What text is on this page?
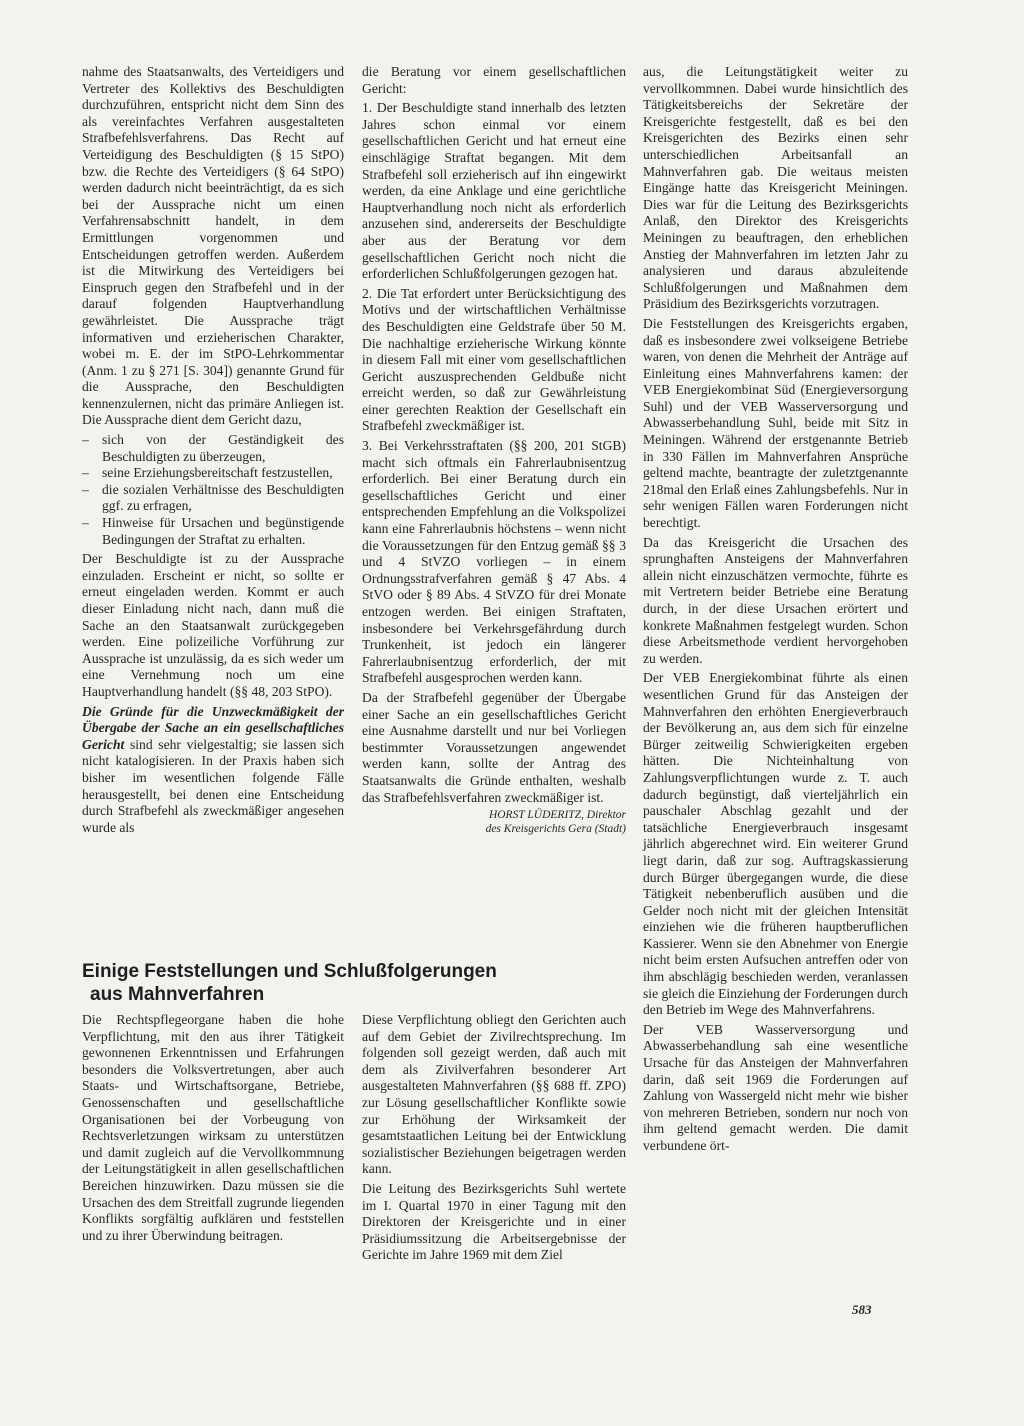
nahme des Staatsanwalts, des Verteidigers und Vertreter des Kollektivs des Beschuldigten durchzuführen, entspricht nicht dem Sinn des als vereinfachtes Verfahren ausgestalteten Strafbefehlsverfahrens. Das Recht auf Verteidigung des Beschuldigten (§ 15 StPO) bzw. die Rechte des Verteidigers (§ 64 StPO) werden dadurch nicht beeinträchtigt, da es sich bei der Aussprache nicht um einen Verfahrensabschnitt handelt, in dem Ermittlungen vorgenommen und Entscheidungen getroffen werden. Außerdem ist die Mitwirkung des Verteidigers bei Einspruch gegen den Strafbefehl und in der darauf folgenden Hauptverhandlung gewährleistet. Die Aussprache trägt informativen und erzieherischen Charakter, wobei m. E. der im StPO-Lehrkommentar (Anm. 1 zu § 271 [S. 304]) genannte Grund für die Aussprache, den Beschuldigten kennenzulernen, nicht das primäre Anliegen ist. Die Aussprache dient dem Gericht dazu,

– sich von der Geständigkeit des Beschuldigten zu überzeugen,
– seine Erziehungsbereitschaft festzustellen,
– die sozialen Verhältnisse des Beschuldigten ggf. zu erfragen,
– Hinweise für Ursachen und begünstigende Bedingungen der Straftat zu erhalten.

Der Beschuldigte ist zu der Aussprache einzuladen. Erscheint er nicht, so sollte er erneut eingeladen werden. Kommt er auch dieser Einladung nicht nach, dann muß die Sache an den Staatsanwalt zurückgegeben werden. Eine polizeiliche Vorführung zur Aussprache ist unzulässig, da es sich weder um eine Vernehmung noch um eine Hauptverhandlung handelt (§§ 48, 203 StPO).

Die Gründe für die Unzweckmäßigkeit der Übergabe der Sache an ein gesellschaftliches Gericht sind sehr vielgestaltig; sie lassen sich nicht katalogisieren. In der Praxis haben sich bisher im wesentlichen folgende Fälle herausgestellt, bei denen eine Entscheidung durch Strafbefehl als zweckmäßiger angesehen wurde als

die Beratung vor einem gesellschaftlichen Gericht:

1. Der Beschuldigte stand innerhalb des letzten Jahres schon einmal vor einem gesellschaftlichen Gericht und hat erneut eine einschlägige Straftat begangen. Mit dem Strafbefehl soll erzieherisch auf ihn eingewirkt werden, da eine Anklage und eine gerichtliche Hauptverhandlung noch nicht als erforderlich anzusehen sind, andererseits der Beschuldigte aber aus der Beratung vor dem gesellschaftlichen Gericht noch nicht die erforderlichen Schlußfolgerungen gezogen hat.

2. Die Tat erfordert unter Berücksichtigung des Motivs und der wirtschaftlichen Verhältnisse des Beschuldigten eine Geldstrafe über 50 M. Die nachhaltige erzieherische Wirkung könnte in diesem Fall mit einer vom gesellschaftlichen Gericht auszusprechenden Geldbuße nicht erreicht werden, so daß zur Gewährleistung einer gerechten Reaktion der Gesellschaft ein Strafbefehl zweckmäßiger ist.

3. Bei Verkehrsstraftaten (§§ 200, 201 StGB) macht sich oftmals ein Fahrerlaubnisentzug erforderlich. Bei einer Beratung durch ein gesellschaftliches Gericht und einer entsprechenden Empfehlung an die Volkspolizei kann eine Fahrerlaubnis höchstens – wenn nicht die Voraussetzungen für den Entzug gemäß §§ 3 und 4 StVZO vorliegen – in einem Ordnungsstrafverfahren gemäß § 47 Abs. 4 StVO oder § 89 Abs. 4 StVZO für drei Monate entzogen werden. Bei einigen Straftaten, insbesondere bei Verkehrsgefährdung durch Trunkenheit, ist jedoch ein längerer Fahrerlaubnisentzug erforderlich, der mit Strafbefehl ausgesprochen werden kann.

Da der Strafbefehl gegenüber der Übergabe einer Sache an ein gesellschaftliches Gericht eine Ausnahme darstellt und nur bei Vorliegen bestimmter Voraussetzungen angewendet werden kann, sollte der Antrag des Staatsanwalts die Gründe enthalten, weshalb das Strafbefehlsverfahren zweckmäßiger ist.

HORST LÜDERITZ, Direktor
des Kreisgerichts Gera (Stadt)

aus, die Leitungstätigkeit weiter zu vervollkommnen. Dabei wurde hinsichtlich des Tätigkeitsbereichs der Sekretäre der Kreisgerichte festgestellt, daß es bei den Kreisgerichten des Bezirks einen sehr unterschiedlichen Arbeitsanfall an Mahnverfahren gab. Die weitaus meisten Eingänge hatte das Kreisgericht Meiningen. Dies war für die Leitung des Bezirksgerichts Anlaß, den Direktor des Kreisgerichts Meiningen zu beauftragen, den erheblichen Anstieg der Mahnverfahren im letzten Jahr zu analysieren und daraus abzuleitende Schlußfolgerungen und Maßnahmen dem Präsidium des Bezirksgerichts vorzutragen.

Die Feststellungen des Kreisgerichts ergaben, daß es insbesondere zwei volkseigene Betriebe waren, von denen die Mehrheit der Anträge auf Einleitung eines Mahnverfahrens kamen: der VEB Energiekombinat Süd (Energieversorgung Suhl) und der VEB Wasserversorgung und Abwasserbehandlung Suhl, beide mit Sitz in Meiningen. Während der erstgenannte Betrieb in 330 Fällen im Mahnverfahren Ansprüche geltend machte, beantragte der zuletztgenannte 218mal den Erlaß eines Zahlungsbefehls. Nur in sehr wenigen Fällen waren Forderungen nicht berechtigt.

Da das Kreisgericht die Ursachen des sprunghaften Ansteigens der Mahnverfahren allein nicht einzuschätzen vermochte, führte es mit Vertretern beider Betriebe eine Beratung durch, in der diese Ursachen erörtert und konkrete Maßnahmen festgelegt wurden. Schon diese Arbeitsmethode verdient hervorgehoben zu werden.

Der VEB Energiekombinat führte als einen wesentlichen Grund für das Ansteigen der Mahnverfahren den erhöhten Energieverbrauch der Bevölkerung an, aus dem sich für einzelne Bürger zeitweilig Schwierigkeiten ergeben hätten. Die Nichteinhaltung von Zahlungsverpflichtungen wurde z. T. auch dadurch begünstigt, daß vierteljährlich ein pauschaler Abschlag gezahlt und der tatsächliche Energieverbrauch insgesamt jährlich abgerechnet wird. Ein weiterer Grund liegt darin, daß zur sog. Auftragskassierung durch Bürger übergegangen wurde, die diese Tätigkeit nebenberuflich ausüben und die Gelder noch nicht mit der gleichen Intensität einziehen wie die früheren hauptberuflichen Kassierer. Wenn sie den Abnehmer von Energie nicht beim ersten Aufsuchen antreffen oder von ihm abschlägig beschieden werden, veranlassen sie gleich die Einziehung der Forderungen durch den Betrieb im Wege des Mahnverfahrens.

Der VEB Wasserversorgung und Abwasserbehandlung sah eine wesentliche Ursache für das Ansteigen der Mahnverfahren darin, daß seit 1969 die Forderungen auf Zahlung von Wassergeld nicht mehr wie bisher von mehreren Betrieben, sondern nur noch von ihm geltend gemacht werden. Die damit verbundene ört-

Einige Feststellungen und Schlußfolgerungen
aus Mahnverfahren

Die Rechtspflegeorgane haben die hohe Verpflichtung, mit den aus ihrer Tätigkeit gewonnenen Erkenntnissen und Erfahrungen besonders die Volksvertretungen, aber auch Staats- und Wirtschaftsorgane, Betriebe, Genossenschaften und gesellschaftliche Organisationen bei der Vorbeugung von Rechtsverletzungen wirksam zu unterstützen und damit zugleich auf die Vervollkommnung der Leitungstätigkeit in allen gesellschaftlichen Bereichen hinzuwirken. Dazu müssen sie die Ursachen des dem Streitfall zugrunde liegenden Konflikts sorgfältig aufklären und feststellen und zu ihrer Überwindung beitragen.

Diese Verpflichtung obliegt den Gerichten auch auf dem Gebiet der Zivilrechtsprechung. Im folgenden soll gezeigt werden, daß auch mit dem als Zivilverfahren besonderer Art ausgestalteten Mahnverfahren (§§ 688 ff. ZPO) zur Lösung gesellschaftlicher Konflikte sowie zur Erhöhung der Wirksamkeit der gesamtstaatlichen Leitung bei der Entwicklung sozialistischer Beziehungen beigetragen werden kann.

Die Leitung des Bezirksgerichts Suhl wertete im I. Quartal 1970 in einer Tagung mit den Direktoren der Kreisgerichte und in einer Präsidiumssitzung die Arbeitsergebnisse der Gerichte im Jahre 1969 mit dem Ziel

583
